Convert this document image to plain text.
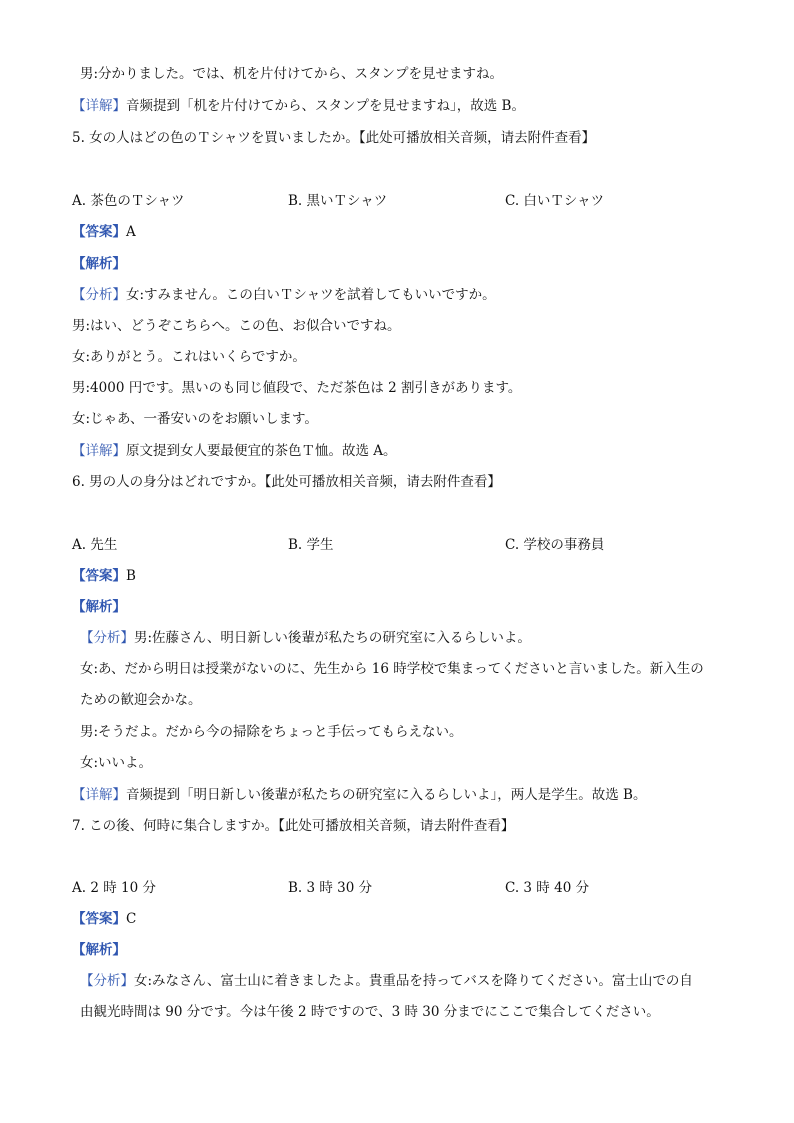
男:分かりました。では、机を片付けてから、スタンプを見せますね。
【详解】音频提到「机を片付けてから、スタンプを見せますね」，故选 B。
5. 女の人はどの色のＴシャツを買いましたか。【此处可播放相关音频，请去附件查看】
A. 茶色のＴシャツ	B. 黒いＴシャツ	C. 白いＴシャツ
【答案】A
【解析】
【分析】女:すみません。この白いＴシャツを試着してもいいですか。
男:はい、どうぞこちらへ。この色、お似合いですね。
女:ありがとう。これはいくらですか。
男:4000 円です。黒いのも同じ値段で、ただ茶色は 2 割引きがあります。
女:じゃあ、一番安いのをお願いします。
【详解】原文提到女人要最便宜的茶色Ｔ恤。故选 A。
6. 男の人の身分はどれですか。【此处可播放相关音频，请去附件查看】
A. 先生	B. 学生	C. 学校の事務員
【答案】B
【解析】
【分析】男:佐藤さん、明日新しい後輩が私たちの研究室に入るらしいよ。
女:あ、だから明日は授業がないのに、先生から 16 時学校で集まってくださいと言いました。新入生の
ための歓迎会かな。
男:そうだよ。だから今の掃除をちょっと手伝ってもらえない。
女:いいよ。
【详解】音频提到「明日新しい後輩が私たちの研究室に入るらしいよ」，两人是学生。故选 B。
7. この後、何時に集合しますか。【此处可播放相关音频，请去附件查看】
A. 2 時 10 分	B. 3 時 30 分	C. 3 時 40 分
【答案】C
【解析】
【分析】女:みなさん、富士山に着きましたよ。貴重品を持ってバスを降りてください。富士山での自
由観光時間は 90 分です。今は午後 2 時ですので、3 時 30 分までにここで集合してください。
